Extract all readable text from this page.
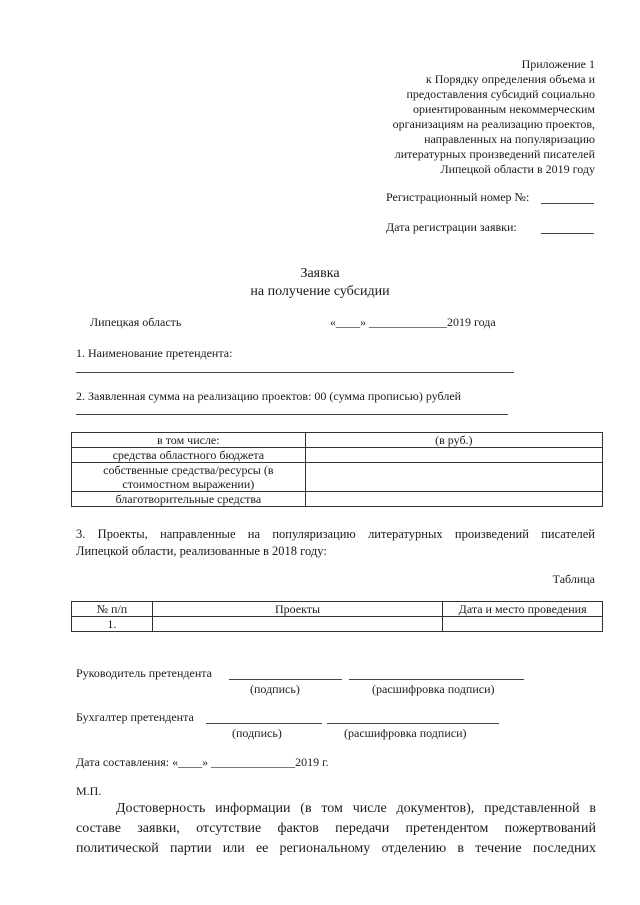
Приложение 1
к Порядку определения объема и
предоставления субсидий социально
ориентированным некоммерческим
организациям на реализацию проектов,
направленных на популяризацию
литературных произведений писателей
Липецкой области в 2019 году
Регистрационный номер №:
Дата регистрации заявки:
Заявка
на получение субсидии
Липецкая область	«____» _____________2019 года
1. Наименование претендента:
2. Заявленная сумма на реализацию проектов: 00 (сумма прописью) рублей
в том числе:	(в руб.)
средства областного бюджета	
собственные средства/ресурсы (в стоимостном выражении)	
благотворительные средства	
3. Проекты, направленные на популяризацию литературных произведений писателей
Липецкой области, реализованные в 2018 году:
Таблица
№ п/п	Проекты	Дата и место проведения
1.		
Руководитель претендента
(подпись)	(расшифровка подписи)
Бухгалтер претендента
(подпись)	(расшифровка подписи)
Дата составления: «____» ______________2019 г.
М.П.
Достоверность информации (в том числе документов), представленной в
составе заявки, отсутствие фактов передачи претендентом пожертвований
политической партии или ее региональному отделению в течение последних
